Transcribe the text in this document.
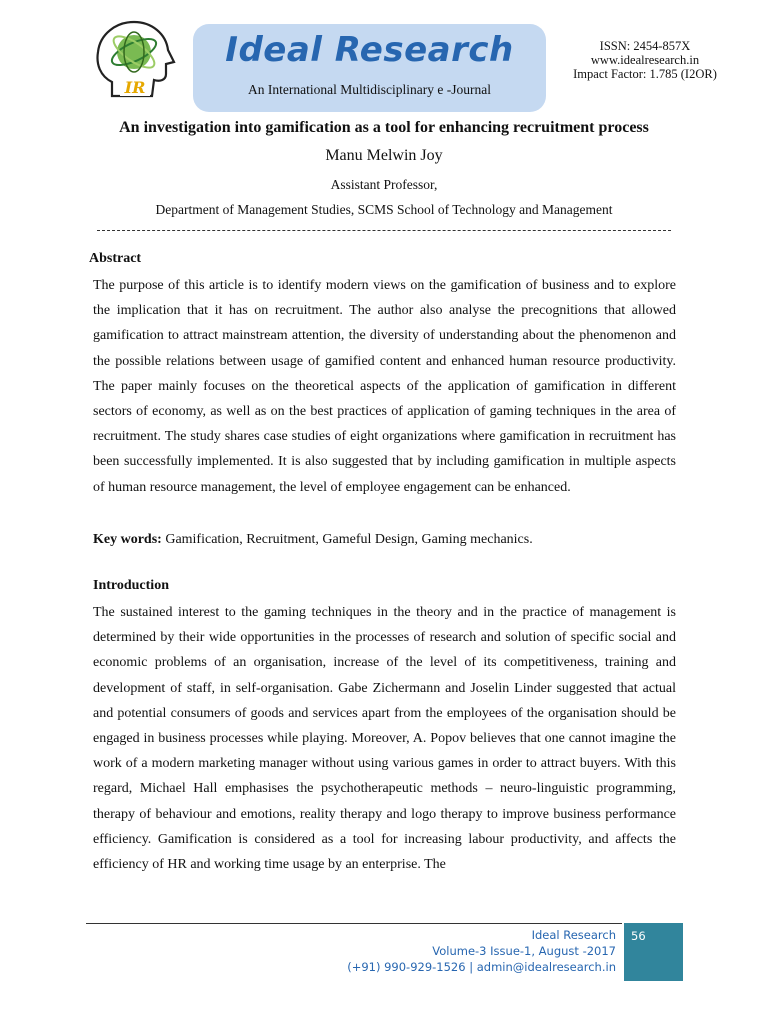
IR
Ideal Research
An International Multidisciplinary e -Journal
ISSN: 2454-857X
www.idealresearch.in
Impact Factor: 1.785 (I2OR)
An investigation into gamification as a tool for enhancing recruitment process
Manu Melwin Joy
Assistant Professor,
Department of Management Studies, SCMS School of Technology and Management
Abstract

The purpose of this article is to identify modern views on the gamification of business and to explore the implication that it has on recruitment. The author also analyse the precognitions that allowed gamification to attract mainstream attention, the diversity of understanding about the phenomenon and the possible relations between usage of gamified content and enhanced human resource productivity. The paper mainly focuses on the theoretical aspects of the application of gamification in different sectors of economy, as well as on the best practices of application of gaming techniques in the area of recruitment. The study shares case studies of eight organizations where gamification in recruitment has been successfully implemented. It is also suggested that by including gamification in multiple aspects of human resource management, the level of employee engagement can be enhanced.

Key words: Gamification, Recruitment, Gameful Design, Gaming mechanics.
Introduction

The sustained interest to the gaming techniques in the theory and in the practice of management is determined by their wide opportunities in the processes of research and solution of specific social and economic problems of an organisation, increase of the level of its competitiveness, training and development of staff, in self-organisation. Gabe Zichermann and Joselin Linder suggested that actual and potential consumers of goods and services apart from the employees of the organisation should be engaged in business processes while playing. Moreover, A. Popov believes that one cannot imagine the work of a modern marketing manager without using various games in order to attract buyers. With this regard, Michael Hall emphasises the psychotherapeutic methods – neuro-linguistic programming, therapy of behaviour and emotions, reality therapy and logo therapy to improve business performance efficiency. Gamification is considered as a tool for increasing labour productivity, and affects the efficiency of HR and working time usage by an enterprise. The

Ideal Research
Volume-3 Issue-1, August -2017
(+91) 990-929-1526 | admin@idealresearch.in
56
